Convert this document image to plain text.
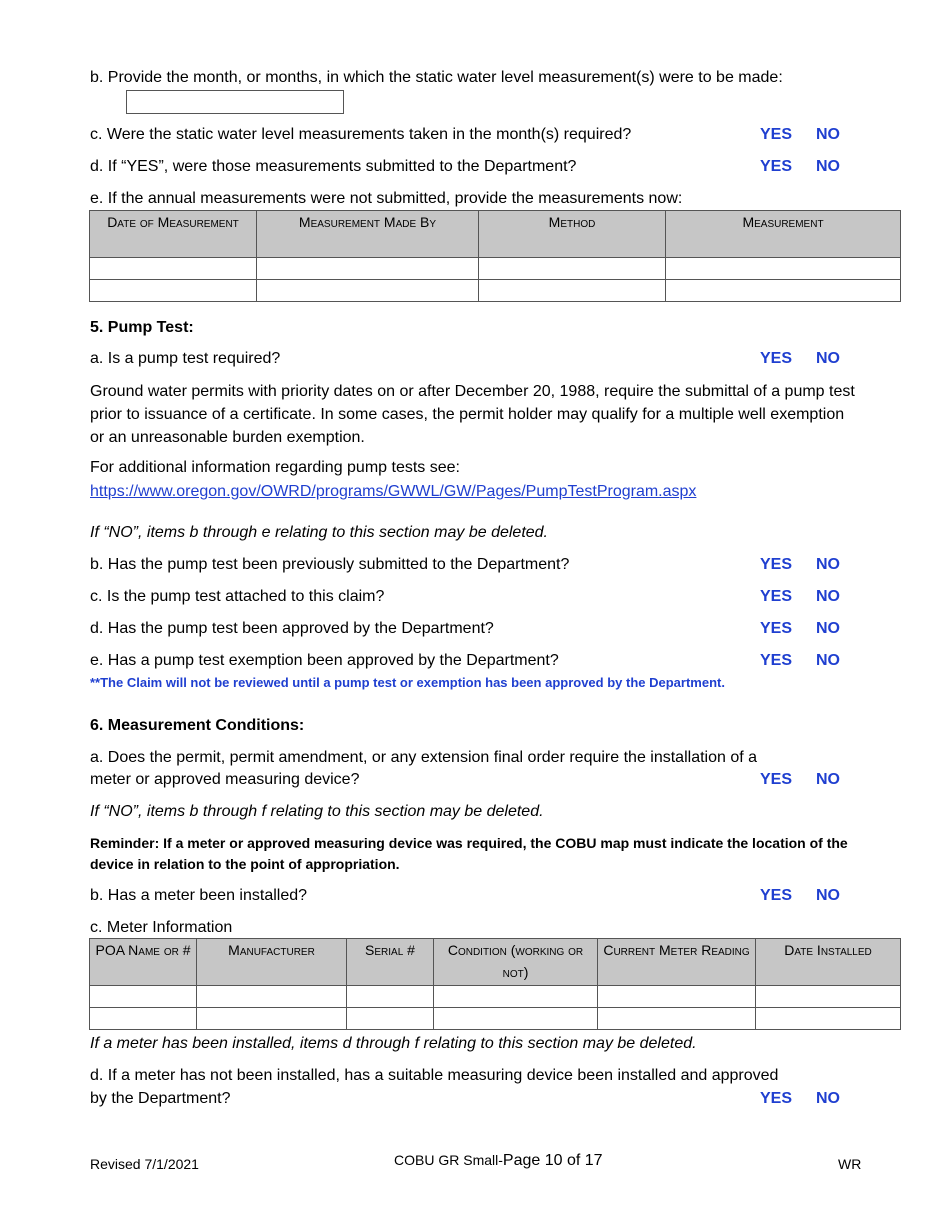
b. Provide the month, or months, in which the static water level measurement(s) were to be made:
c. Were the static water level measurements taken in the month(s) required?	YES NO
d. If “YES”, were those measurements submitted to the Department?	YES NO
e. If the annual measurements were not submitted, provide the measurements now:
Date of Measurement	Measurement Made By	Method	Measurement

5. Pump Test:
a. Is a pump test required?	YES NO
Ground water permits with priority dates on or after December 20, 1988, require the submittal of a pump test prior to issuance of a certificate. In some cases, the permit holder may qualify for a multiple well exemption or an unreasonable burden exemption.
For additional information regarding pump tests see:
https://www.oregon.gov/OWRD/programs/GWWL/GW/Pages/PumpTestProgram.aspx
If “NO”, items b through e relating to this section may be deleted.
b. Has the pump test been previously submitted to the Department?	YES NO
c. Is the pump test attached to this claim?	YES NO
d. Has the pump test been approved by the Department?	YES NO
e. Has a pump test exemption been approved by the Department?	YES NO
**The Claim will not be reviewed until a pump test or exemption has been approved by the Department.
6. Measurement Conditions:
a. Does the permit, permit amendment, or any extension final order require the installation of a
meter or approved measuring device?	YES NO
If “NO”, items b through f relating to this section may be deleted.
Reminder: If a meter or approved measuring device was required, the COBU map must indicate the location of the device in relation to the point of appropriation.
b. Has a meter been installed?	YES NO
c. Meter Information
POA Name or #	Manufacturer	Serial #	Condition (working or not)	Current Meter Reading	Date Installed

If a meter has been installed, items d through f relating to this section may be deleted.
d. If a meter has not been installed, has a suitable measuring device been installed and approved
by the Department?	YES NO
Revised 7/1/2021	COBU GR Small-Page 10 of 17	WR
